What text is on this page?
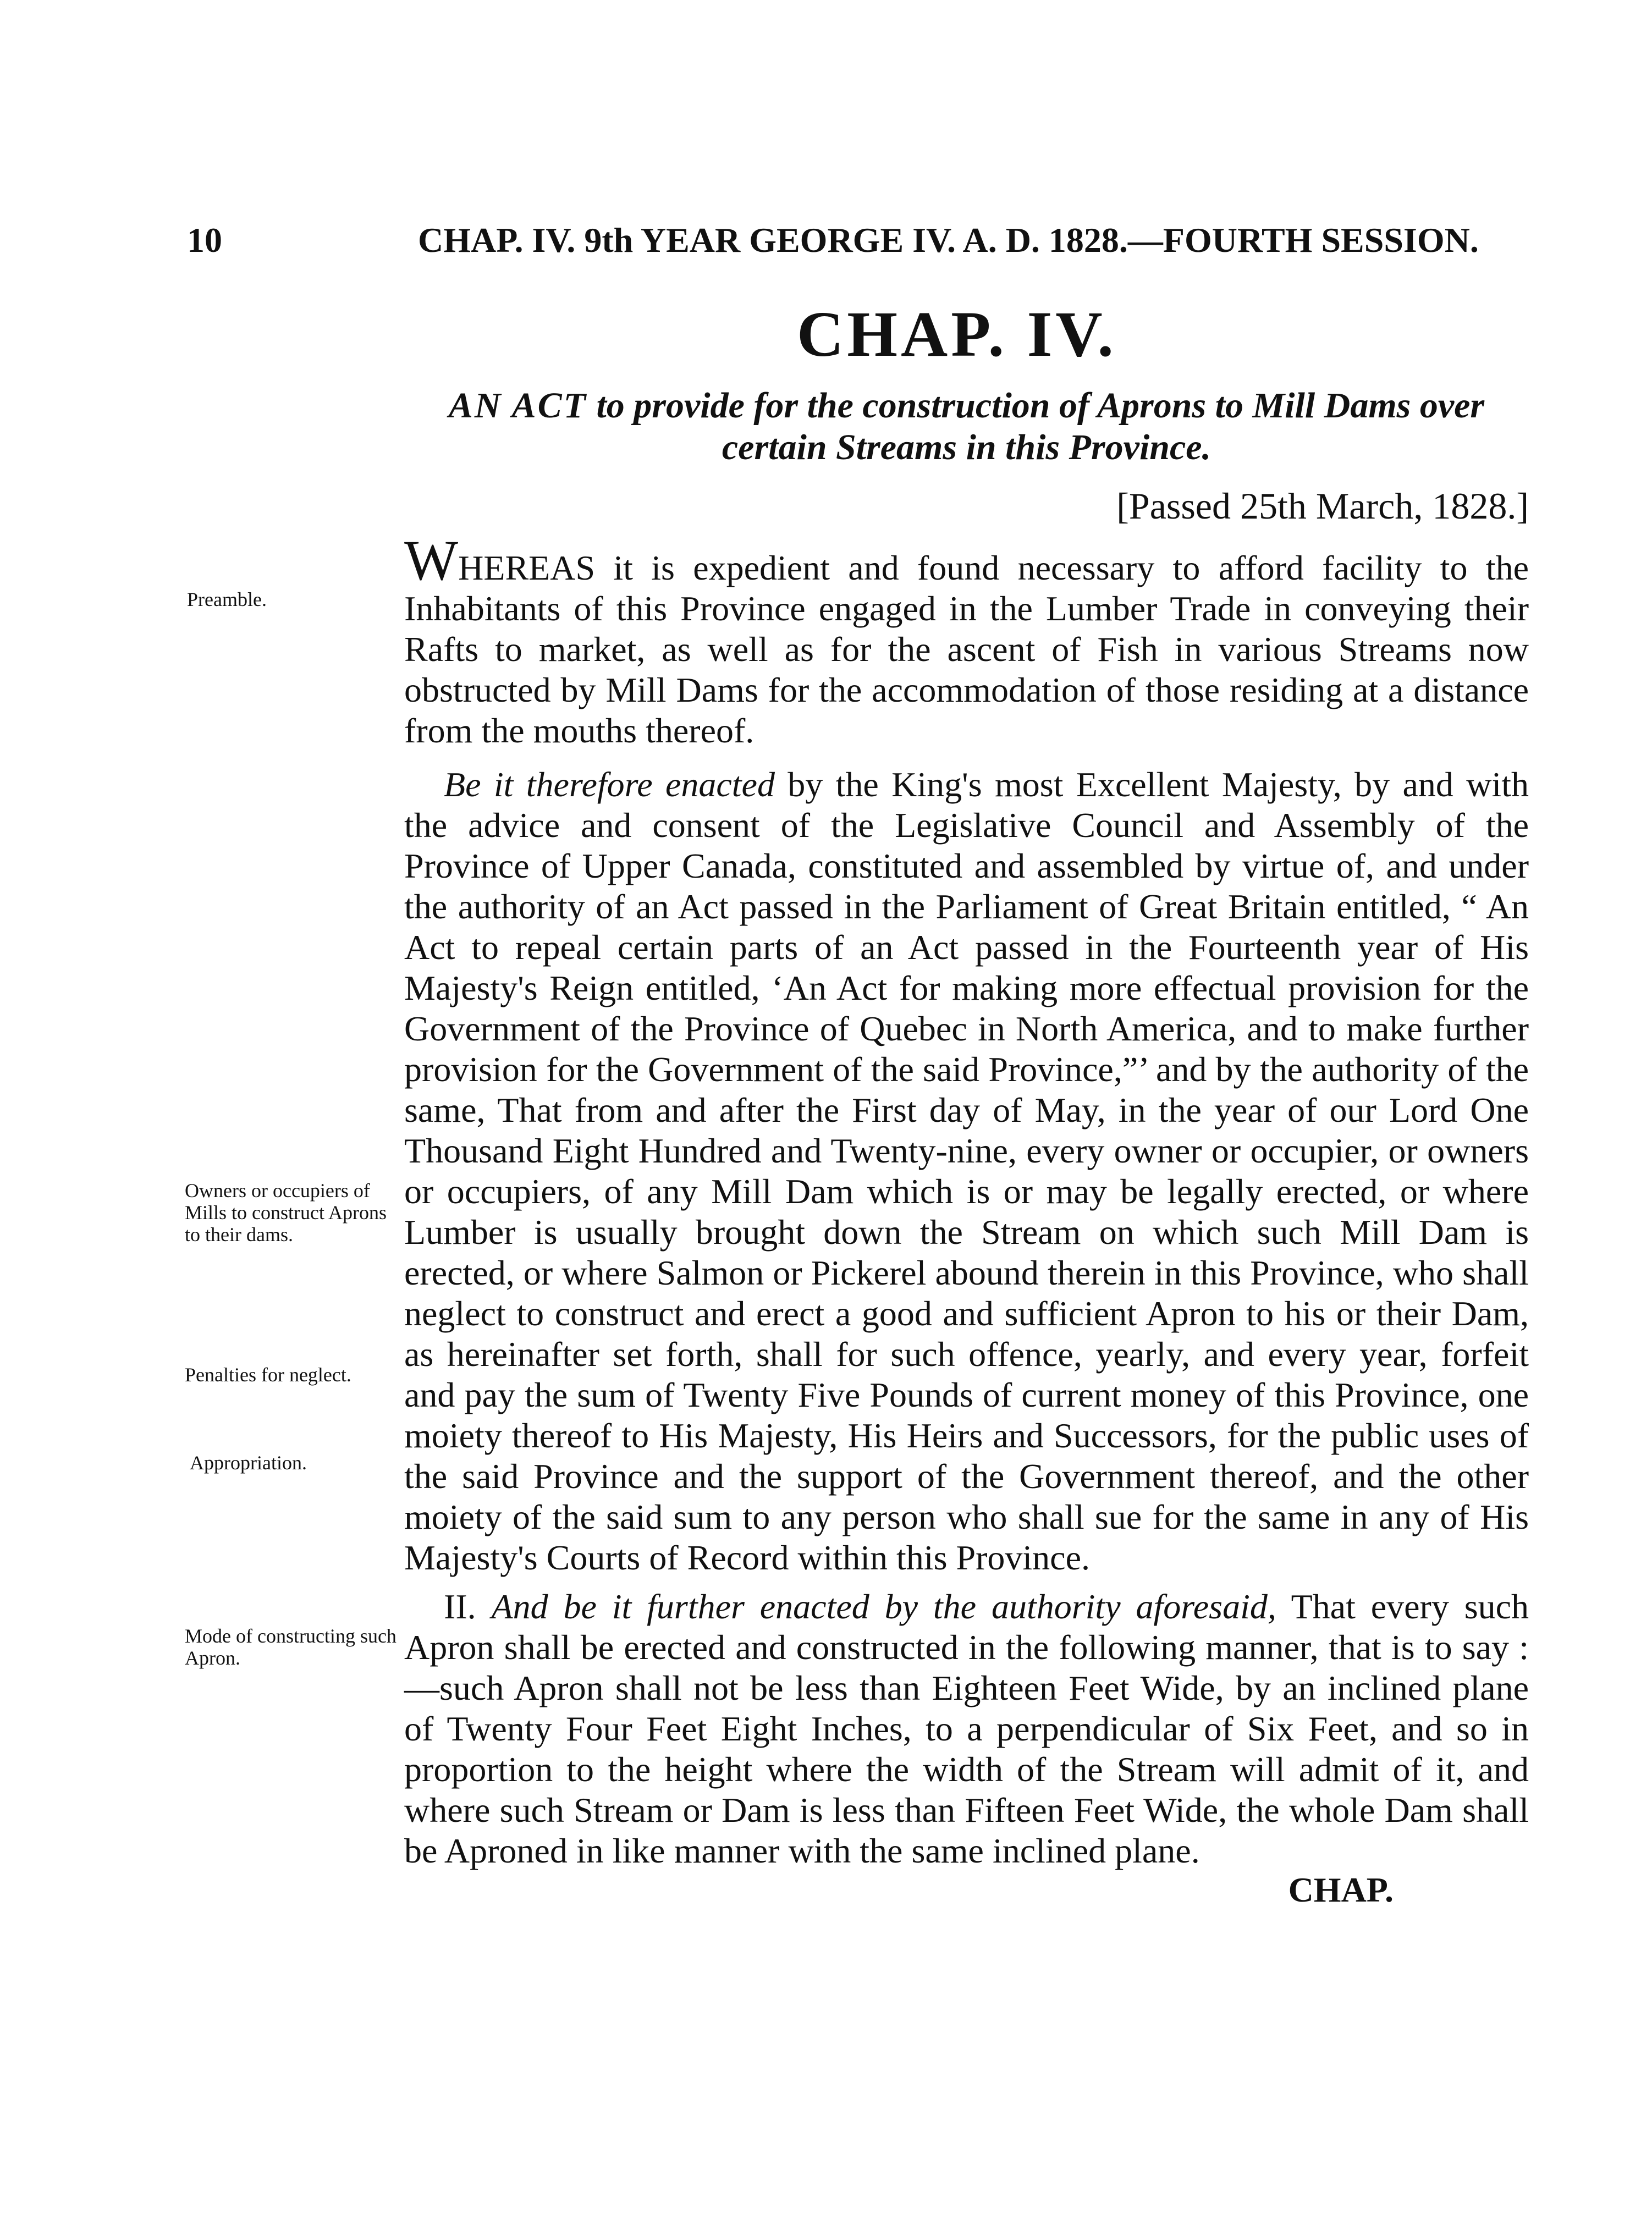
10	CHAP. IV. 9th YEAR GEORGE IV. A. D. 1828.—FOURTH SESSION.
CHAP. IV.
AN ACT to provide for the construction of Aprons to Mill Dams over certain Streams in this Province.
[Passed 25th March, 1828.]
Preamble.
Owners or occupiers of Mills to construct Aprons to their dams.
Penalties for neglect.
Appropriation.
Mode of constructing such Apron.

WHEREAS it is expedient and found necessary to afford facility to the Inhabitants of this Province engaged in the Lumber Trade in conveying their Rafts to market, as well as for the ascent of Fish in various Streams now obstructed by Mill Dams for the accommodation of those residing at a distance from the mouths thereof.

Be it therefore enacted by the King's most Excellent Majesty, by and with the advice and consent of the Legislative Council and Assembly of the Province of Upper Canada, constituted and assembled by virtue of, and under the authority of an Act passed in the Parliament of Great Britain entitled, “ An Act to repeal certain parts of an Act passed in the Fourteenth year of His Majesty's Reign entitled, ‘An Act for making more effectual provision for the Government of the Province of Quebec in North America, and to make further provision for the Government of the said Province,”’ and by the authority of the same, That from and after the First day of May, in the year of our Lord One Thousand Eight Hundred and Twenty-nine, every owner or occupier, or owners or occupiers, of any Mill Dam which is or may be legally erected, or where Lumber is usually brought down the Stream on which such Mill Dam is erected, or where Salmon or Pickerel abound therein in this Province, who shall neglect to construct and erect a good and sufficient Apron to his or their Dam, as hereinafter set forth, shall for such offence, yearly, and every year, forfeit and pay the sum of Twenty Five Pounds of current money of this Province, one moiety thereof to His Majesty, His Heirs and Successors, for the public uses of the said Province and the support of the Government thereof, and the other moiety of the said sum to any person who shall sue for the same in any of His Majesty's Courts of Record within this Province.

II. And be it further enacted by the authority aforesaid, That every such Apron shall be erected and constructed in the following manner, that is to say :—such Apron shall not be less than Eighteen Feet Wide, by an inclined plane of Twenty Four Feet Eight Inches, to a perpendicular of Six Feet, and so in proportion to the height where the width of the Stream will admit of it, and where such Stream or Dam is less than Fifteen Feet Wide, the whole Dam shall be Aproned in like manner with the same inclined plane.

CHAP.
